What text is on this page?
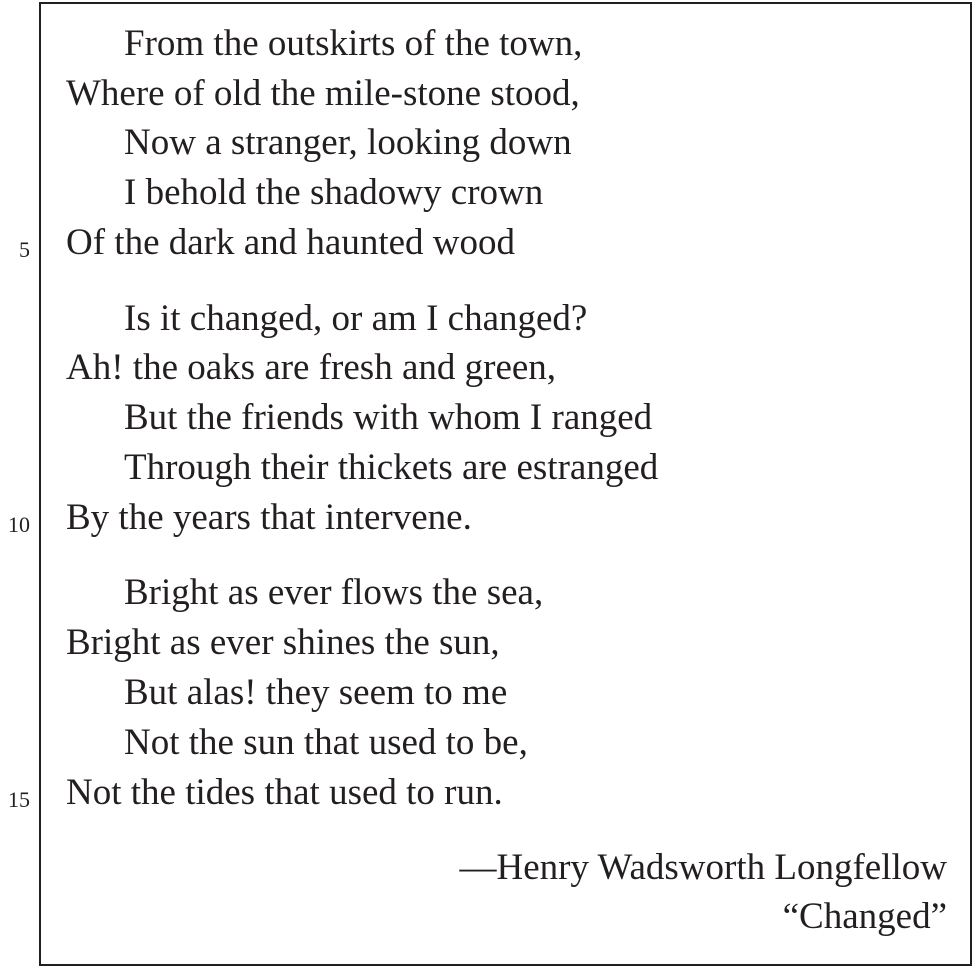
From the outskirts of the town,
Where of old the mile-stone stood,
Now a stranger, looking down
I behold the shadowy crown
Of the dark and haunted wood
5
Is it changed, or am I changed?
Ah! the oaks are fresh and green,
But the friends with whom I ranged
Through their thickets are estranged
By the years that intervene.
10
Bright as ever flows the sea,
Bright as ever shines the sun,
But alas! they seem to me
Not the sun that used to be,
Not the tides that used to run.
15
—Henry Wadsworth Longfellow
“Changed”
